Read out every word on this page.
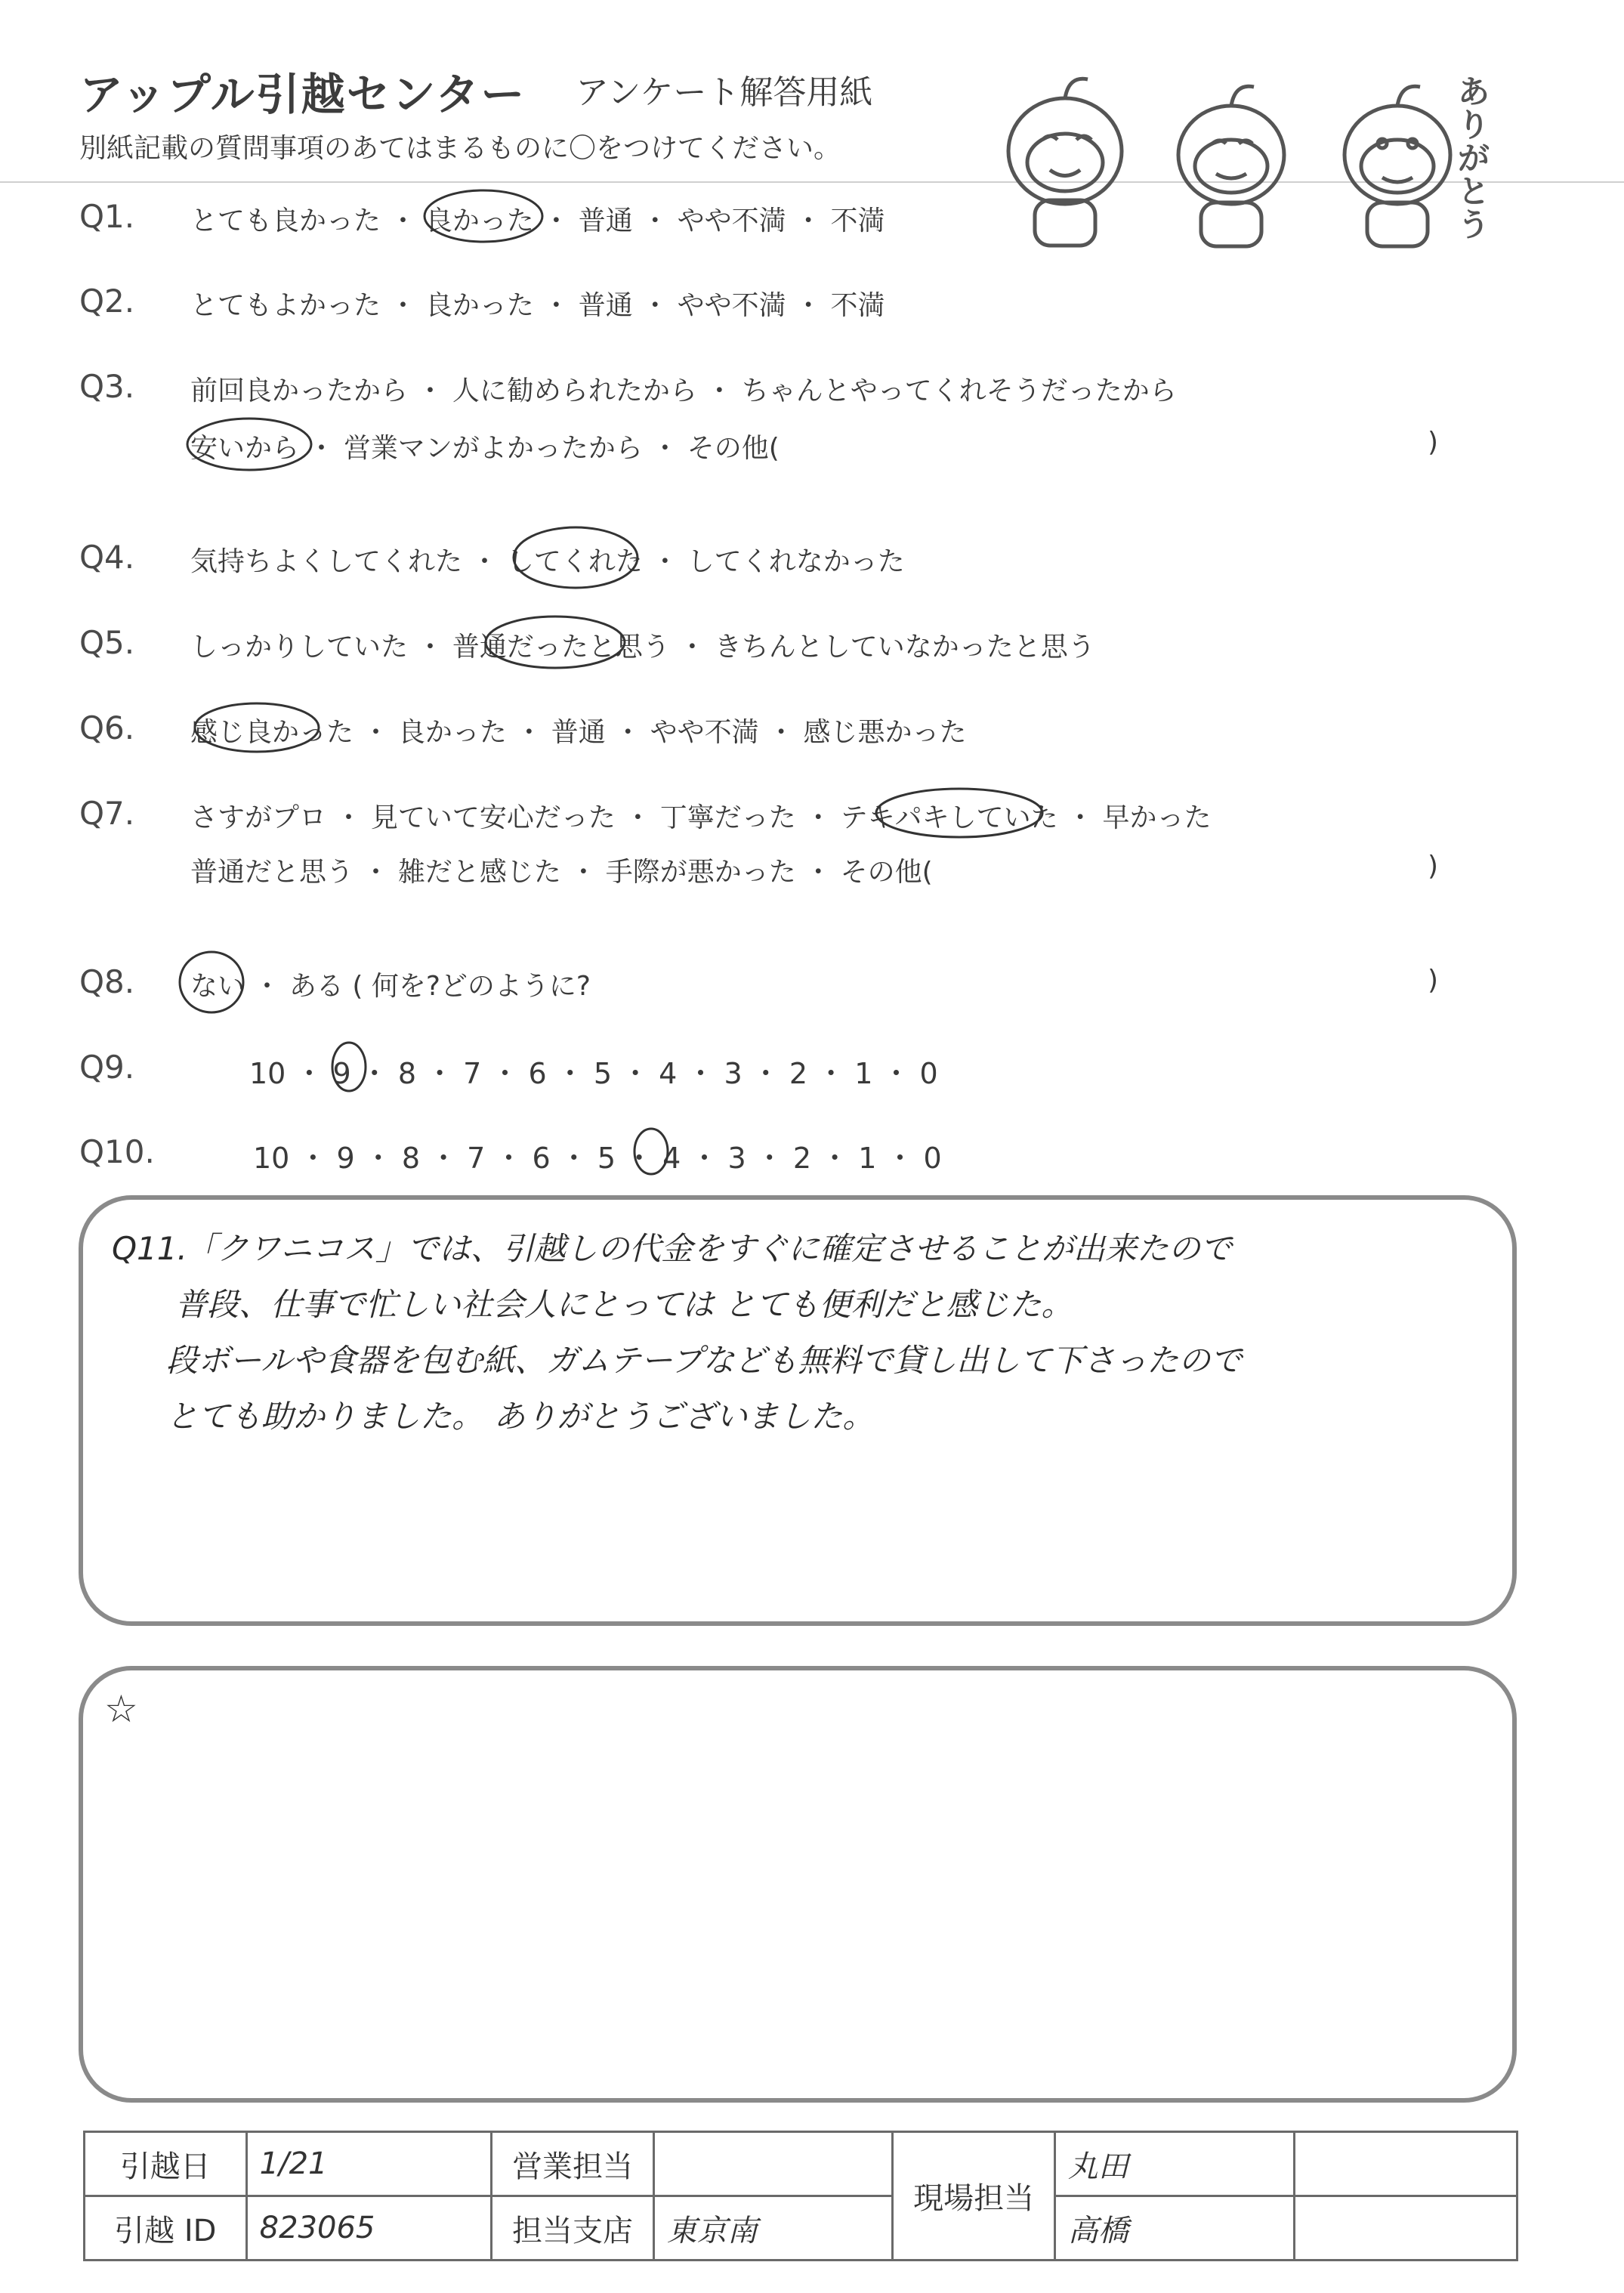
アップル引越センター アンケート解答用紙
別紙記載の質問事項のあてはまるものに〇をつけてください。
ありがとう
Q1. とても良かった ・ 良かった ・ 普通 ・ やや不満 ・ 不満
Q2. とてもよかった ・ 良かった ・ 普通 ・ やや不満 ・ 不満
Q3. 前回良かったから ・ 人に勧められたから ・ ちゃんとやってくれそうだったから
安いから ・ 営業マンがよかったから ・ その他(	)
Q4. 気持ちよくしてくれた ・ してくれた ・ してくれなかった
Q5. しっかりしていた ・ 普通だったと思う ・ きちんとしていなかったと思う
Q6. 感じ良かった ・ 良かった ・ 普通 ・ やや不満 ・ 感じ悪かった
Q7. さすがプロ ・ 見ていて安心だった ・ 丁寧だった ・ テキパキしていた ・ 早かった
普通だと思う ・ 雑だと感じた ・ 手際が悪かった ・ その他(	)
Q8. ない ・ ある ( 何を?どのように?	)
Q9.	10 ・ 9 ・ 8 ・ 7 ・ 6 ・ 5 ・ 4 ・ 3 ・ 2 ・ 1 ・ 0
Q10.	10 ・ 9 ・ 8 ・ 7 ・ 6 ・ 5 ・ 4 ・ 3 ・ 2 ・ 1 ・ 0
Q11.
「クワニコス」では、引越しの代金をすぐに確定させることが出来たので
普段、仕事で忙しい社会人にとっては とても便利だと感じた。
段ボールや食器を包む紙、ガムテープなども無料で貸し出して下さったので
とても助かりました。 ありがとうございました。
☆
引越日	1/21	営業担当		現場担当	丸田	
引越 ID	823065	担当支店	東京南		高橋	
